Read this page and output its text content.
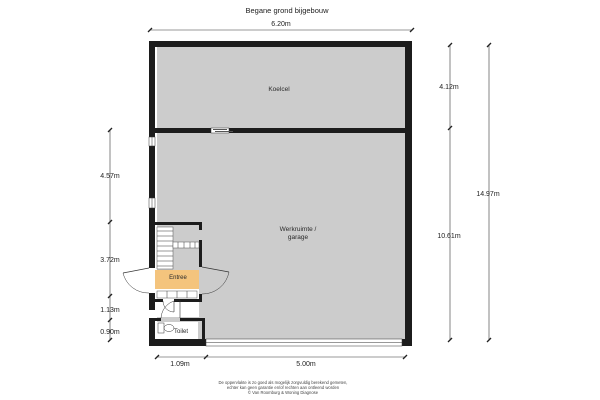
Begane grond bijgebouw
6.20m
4.12m
10.61m
14.97m
4.57m
3.72m
1.13m
0.90m
1.09m	5.00m
Koelcel
Werkruimte /
garage
Entree
Toilet
De oppervlakte is zo goed als mogelijk zorgvuldig berekend gemeten,
echter kan geen garantie en/of rechten aan ontleend worden
© Van Roomburg & Woning Diagnose
